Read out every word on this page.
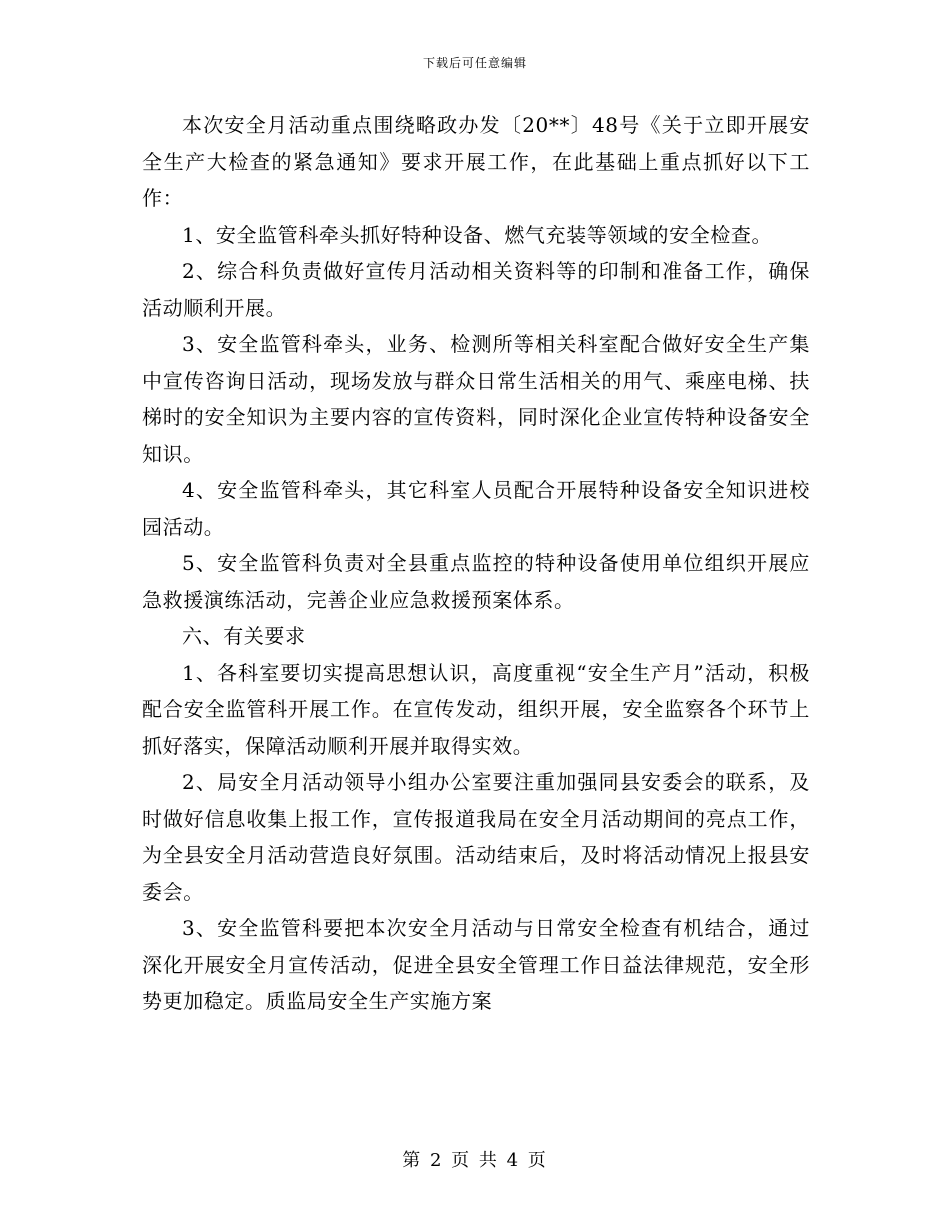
下载后可任意编辑

本次安全月活动重点围绕略政办发〔20**〕48号《关于立即开展安全生产大检查的紧急通知》要求开展工作，在此基础上重点抓好以下工作：

1、安全监管科牵头抓好特种设备、燃气充装等领域的安全检查。

2、综合科负责做好宣传月活动相关资料等的印制和准备工作，确保活动顺利开展。

3、安全监管科牵头，业务、检测所等相关科室配合做好安全生产集中宣传咨询日活动，现场发放与群众日常生活相关的用气、乘座电梯、扶梯时的安全知识为主要内容的宣传资料，同时深化企业宣传特种设备安全知识。

4、安全监管科牵头，其它科室人员配合开展特种设备安全知识进校园活动。

5、安全监管科负责对全县重点监控的特种设备使用单位组织开展应急救援演练活动，完善企业应急救援预案体系。

六、有关要求

1、各科室要切实提高思想认识，高度重视“安全生产月”活动，积极配合安全监管科开展工作。在宣传发动，组织开展，安全监察各个环节上抓好落实，保障活动顺利开展并取得实效。

2、局安全月活动领导小组办公室要注重加强同县安委会的联系，及时做好信息收集上报工作，宣传报道我局在安全月活动期间的亮点工作，为全县安全月活动营造良好氛围。活动结束后，及时将活动情况上报县安委会。

3、安全监管科要把本次安全月活动与日常安全检查有机结合，通过深化开展安全月宣传活动，促进全县安全管理工作日益法律规范，安全形势更加稳定。质监局安全生产实施方案

第 2 页 共 4 页
